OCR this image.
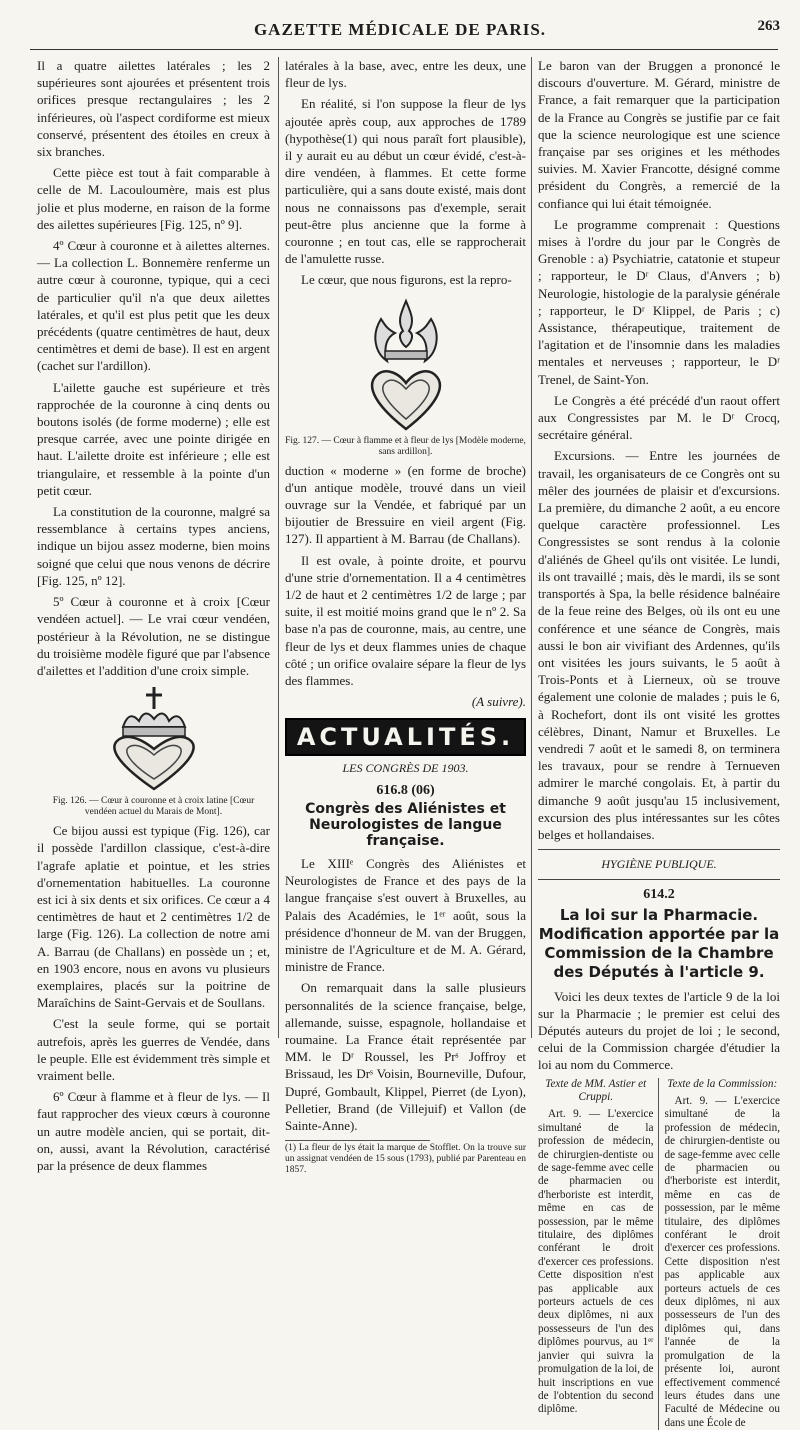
GAZETTE MÉDICALE DE PARIS.	263

Il a quatre ailettes latérales ; les 2 supérieures sont ajourées et présentent trois orifices presque rectangulaires ; les 2 inférieures, où l'aspect cordiforme est mieux conservé, présentent des étoiles en creux à six branches.

Cette pièce est tout à fait comparable à celle de M. Lacouloumère, mais est plus jolie et plus moderne, en raison de la forme des ailettes supérieures [Fig. 125, nº 9].

4º Cœur à couronne et à ailettes alternes. — La collection L. Bonnemère renferme un autre cœur à couronne, typique, qui a ceci de particulier qu'il n'a que deux ailettes latérales, et qu'il est plus petit que les deux précédents (quatre centimètres de haut, deux centimètres et demi de base). Il est en argent (cachet sur l'ardillon).

L'ailette gauche est supérieure et très rapprochée de la couronne à cinq dents ou boutons isolés (de forme moderne) ; elle est presque carrée, avec une pointe dirigée en haut. L'ailette droite est inférieure ; elle est triangulaire, et ressemble à la pointe d'un petit cœur.

La constitution de la couronne, malgré sa ressemblance à certains types anciens, indique un bijou assez moderne, bien moins soigné que celui que nous venons de décrire [Fig. 125, nº 12].

5º Cœur à couronne et à croix [Cœur vendéen actuel]. — Le vrai cœur vendéen, postérieur à la Révolution, ne se distingue du troisième modèle figuré que par l'absence d'ailettes et l'addition d'une croix simple.

Fig. 126. — Cœur à couronne et à croix latine [Cœur vendéen actuel du Marais de Mont].

Ce bijou aussi est typique (Fig. 126), car il possède l'ardillon classique, c'est-à-dire l'agrafe aplatie et pointue, et les stries d'ornementation habituelles. La couronne est ici à six dents et six orifices. Ce cœur a 4 centimètres de haut et 2 centimètres 1/2 de large (Fig. 126). La collection de notre ami A. Barrau (de Challans) en possède un ; et, en 1903 encore, nous en avons vu plusieurs exemplaires, placés sur la poitrine de Maraîchins de Saint-Gervais et de Soullans.

C'est la seule forme, qui se portait autrefois, après les guerres de Vendée, dans le peuple. Elle est évidemment très simple et vraiment belle.

6º Cœur à flamme et à fleur de lys. — Il faut rapprocher des vieux cœurs à couronne un autre modèle ancien, qui se portait, dit-on, aussi, avant la Révolution, caractérisé par la présence de deux flammes

latérales à la base, avec, entre les deux, une fleur de lys.

En réalité, si l'on suppose la fleur de lys ajoutée après coup, aux approches de 1789 (hypothèse(1) qui nous paraît fort plausible), il y aurait eu au début un cœur évidé, c'est-à-dire vendéen, à flammes. Et cette forme particulière, qui a sans doute existé, mais dont nous ne connaissons pas d'exemple, serait peut-être plus ancienne que la forme à couronne ; en tout cas, elle se rapprocherait de l'amulette russe.

Le cœur, que nous figurons, est la repro-

Fig. 127. — Cœur à flamme et à fleur de lys [Modèle moderne, sans ardillon].

duction « moderne » (en forme de broche) d'un antique modèle, trouvé dans un vieil ouvrage sur la Vendée, et fabriqué par un bijoutier de Bressuire en vieil argent (Fig. 127). Il appartient à M. Barrau (de Challans).

Il est ovale, à pointe droite, et pourvu d'une strie d'ornementation. Il a 4 centimètres 1/2 de haut et 2 centimètres 1/2 de large ; par suite, il est moitié moins grand que le nº 2. Sa base n'a pas de couronne, mais, au centre, une fleur de lys et deux flammes unies de chaque côté ; un orifice ovalaire sépare la fleur de lys des flammes.

(A suivre).
ACTUALITÉS.
LES CONGRÈS DE 1903.
616.8 (06)
Congrès des Aliénistes et Neurologistes de langue française.

Le XIIIᵉ Congrès des Aliénistes et Neurologistes de France et des pays de la langue française s'est ouvert à Bruxelles, au Palais des Académies, le 1ᵉʳ août, sous la présidence d'honneur de M. van der Bruggen, ministre de l'Agriculture et de M. A. Gérard, ministre de France.

On remarquait dans la salle plusieurs personnalités de la science française, belge, allemande, suisse, espagnole, hollandaise et roumaine. La France était représentée par MM. le Dʳ Roussel, les Prˢ Joffroy et Brissaud, les Drˢ Voisin, Bourneville, Dufour, Dupré, Gombault, Klippel, Pierret (de Lyon), Pelletier, Brand (de Villejuif) et Vallon (de Sainte-Anne).

(1) La fleur de lys était la marque de Stofflet. On la trouve sur un assignat vendéen de 15 sous (1793), publié par Parenteau en 1857.

Le baron van der Bruggen a prononcé le discours d'ouverture. M. Gérard, ministre de France, a fait remarquer que la participation de la France au Congrès se justifie par ce fait que la science neurologique est une science française par ses origines et les méthodes suivies. M. Xavier Francotte, désigné comme président du Congrès, a remercié de la confiance qui lui était témoignée.

Le programme comprenait : Questions mises à l'ordre du jour par le Congrès de Grenoble : a) Psychiatrie, catatonie et stupeur ; rapporteur, le Dʳ Claus, d'Anvers ; b) Neurologie, histologie de la paralysie générale ; rapporteur, le Dʳ Klippel, de Paris ; c) Assistance, thérapeutique, traitement de l'agitation et de l'insomnie dans les maladies mentales et nerveuses ; rapporteur, le Dʳ Trenel, de Saint-Yon.

Le Congrès a été précédé d'un raout offert aux Congressistes par M. le Dʳ Crocq, secrétaire général.

Excursions. — Entre les journées de travail, les organisateurs de ce Congrès ont su mêler des journées de plaisir et d'excursions. La première, du dimanche 2 août, a eu encore quelque caractère professionnel. Les Congressistes se sont rendus à la colonie d'aliénés de Gheel qu'ils ont visitée. Le lundi, ils ont travaillé ; mais, dès le mardi, ils se sont transportés à Spa, la belle résidence balnéaire de la feue reine des Belges, où ils ont eu une conférence et une séance de Congrès, mais aussi le bon air vivifiant des Ardennes, qu'ils ont visitées les jours suivants, le 5 août à Trois-Ponts et à Lierneux, où se trouve également une colonie de malades ; puis le 6, à Rochefort, dont ils ont visité les grottes célèbres, Dinant, Namur et Bruxelles. Le vendredi 7 août et le samedi 8, on terminera les travaux, pour se rendre à Ternueven admirer le marché congolais. Et, à partir du dimanche 9 août jusqu'au 15 inclusivement, excursion des plus intéressantes sur les côtes belges et hollandaises.

HYGIÈNE PUBLIQUE.
614.2
La loi sur la Pharmacie. Modification apportée par la Commission de la Chambre des Députés à l'article 9.

Voici les deux textes de l'article 9 de la loi sur la Pharmacie ; le premier est celui des Députés auteurs du projet de loi ; le second, celui de la Commission chargée d'étudier la loi au nom du Commerce.

Texte de MM. Astier et Cruppi.

Art. 9. — L'exercice simultané de la profession de médecin, de chirurgien-dentiste ou de sage-femme avec celle de pharmacien ou d'herboriste est interdit, même en cas de possession, par le même titulaire, des diplômes conférant le droit d'exercer ces professions. Cette disposition n'est pas applicable aux porteurs actuels de ces deux diplômes, ni aux possesseurs de l'un des diplômes pourvus, au 1ᵉʳ janvier qui suivra la promulgation de la loi, de huit inscriptions en vue de l'obtention du second diplôme.

Texte de la Commission:

Art. 9. — L'exercice simultané de la profession de médecin, de chirurgien-dentiste ou de sage-femme avec celle de pharmacien ou d'herboriste est interdit, même en cas de possession, par le même titulaire, des diplômes conférant le droit d'exercer ces professions. Cette disposition n'est pas applicable aux porteurs actuels de ces deux diplômes, ni aux possesseurs de l'un des diplômes qui, dans l'année de la promulgation de la présente loi, auront effectivement commencé leurs études dans une Faculté de Médecine ou dans une École de
